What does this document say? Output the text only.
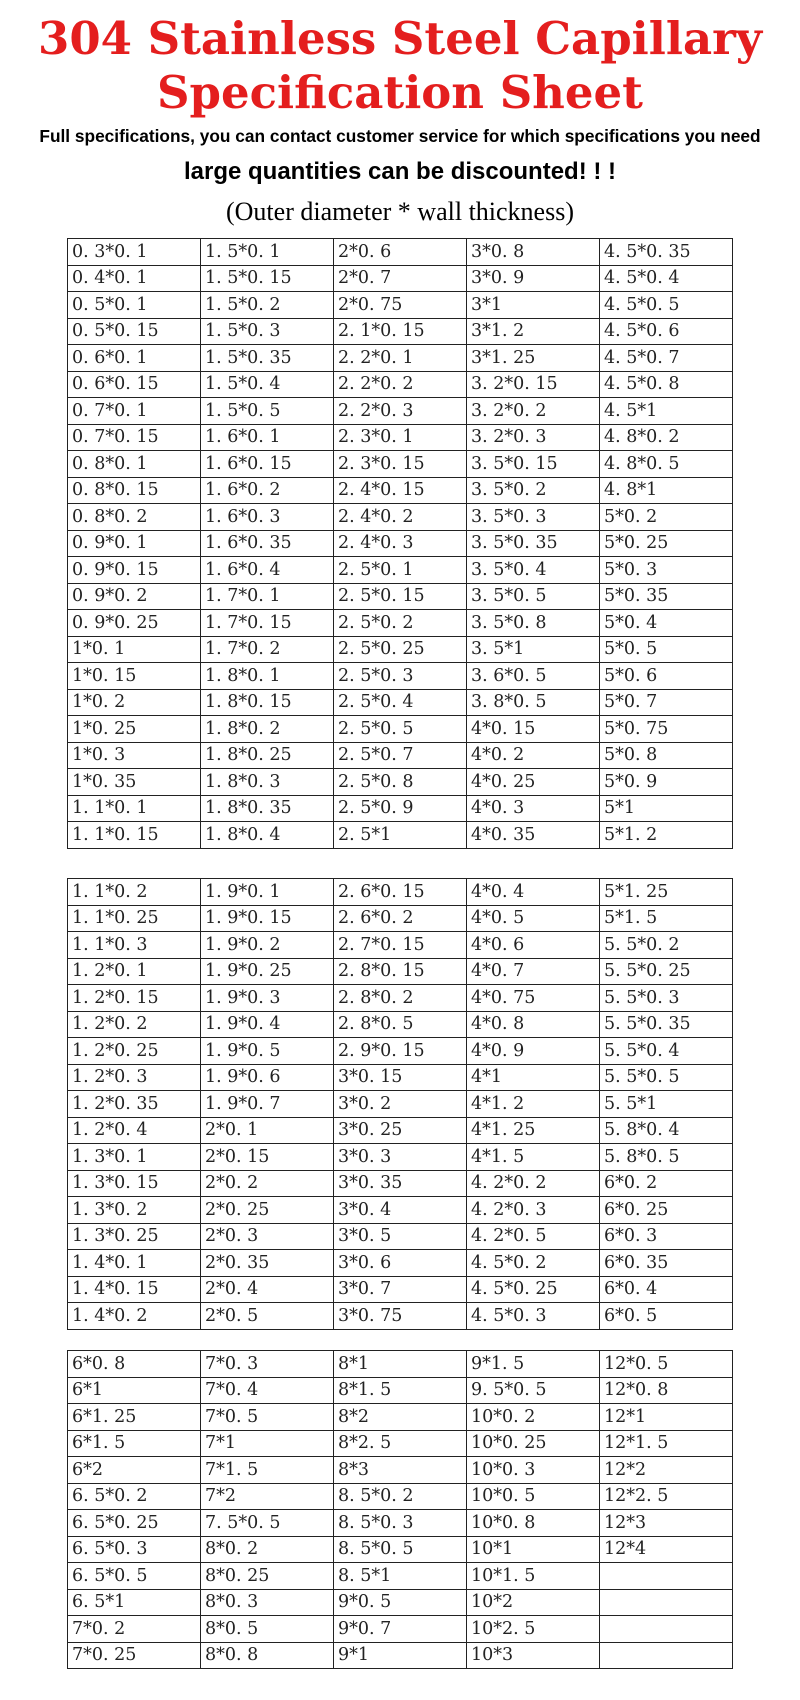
304 Stainless Steel Capillary
Specification Sheet

Full specifications, you can contact customer service for which specifications you need

large quantities can be discounted! ! !

(Outer diameter * wall thickness)

0. 3*0. 1	1. 5*0. 1	2*0. 6	3*0. 8	4. 5*0. 35
0. 4*0. 1	1. 5*0. 15	2*0. 7	3*0. 9	4. 5*0. 4
0. 5*0. 1	1. 5*0. 2	2*0. 75	3*1	4. 5*0. 5
0. 5*0. 15	1. 5*0. 3	2. 1*0. 15	3*1. 2	4. 5*0. 6
0. 6*0. 1	1. 5*0. 35	2. 2*0. 1	3*1. 25	4. 5*0. 7
0. 6*0. 15	1. 5*0. 4	2. 2*0. 2	3. 2*0. 15	4. 5*0. 8
0. 7*0. 1	1. 5*0. 5	2. 2*0. 3	3. 2*0. 2	4. 5*1
0. 7*0. 15	1. 6*0. 1	2. 3*0. 1	3. 2*0. 3	4. 8*0. 2
0. 8*0. 1	1. 6*0. 15	2. 3*0. 15	3. 5*0. 15	4. 8*0. 5
0. 8*0. 15	1. 6*0. 2	2. 4*0. 15	3. 5*0. 2	4. 8*1
0. 8*0. 2	1. 6*0. 3	2. 4*0. 2	3. 5*0. 3	5*0. 2
0. 9*0. 1	1. 6*0. 35	2. 4*0. 3	3. 5*0. 35	5*0. 25
0. 9*0. 15	1. 6*0. 4	2. 5*0. 1	3. 5*0. 4	5*0. 3
0. 9*0. 2	1. 7*0. 1	2. 5*0. 15	3. 5*0. 5	5*0. 35
0. 9*0. 25	1. 7*0. 15	2. 5*0. 2	3. 5*0. 8	5*0. 4
1*0. 1	1. 7*0. 2	2. 5*0. 25	3. 5*1	5*0. 5
1*0. 15	1. 8*0. 1	2. 5*0. 3	3. 6*0. 5	5*0. 6
1*0. 2	1. 8*0. 15	2. 5*0. 4	3. 8*0. 5	5*0. 7
1*0. 25	1. 8*0. 2	2. 5*0. 5	4*0. 15	5*0. 75
1*0. 3	1. 8*0. 25	2. 5*0. 7	4*0. 2	5*0. 8
1*0. 35	1. 8*0. 3	2. 5*0. 8	4*0. 25	5*0. 9
1. 1*0. 1	1. 8*0. 35	2. 5*0. 9	4*0. 3	5*1
1. 1*0. 15	1. 8*0. 4	2. 5*1	4*0. 35	5*1. 2
1. 1*0. 2	1. 9*0. 1	2. 6*0. 15	4*0. 4	5*1. 25
1. 1*0. 25	1. 9*0. 15	2. 6*0. 2	4*0. 5	5*1. 5
1. 1*0. 3	1. 9*0. 2	2. 7*0. 15	4*0. 6	5. 5*0. 2
1. 2*0. 1	1. 9*0. 25	2. 8*0. 15	4*0. 7	5. 5*0. 25
1. 2*0. 15	1. 9*0. 3	2. 8*0. 2	4*0. 75	5. 5*0. 3
1. 2*0. 2	1. 9*0. 4	2. 8*0. 5	4*0. 8	5. 5*0. 35
1. 2*0. 25	1. 9*0. 5	2. 9*0. 15	4*0. 9	5. 5*0. 4
1. 2*0. 3	1. 9*0. 6	3*0. 15	4*1	5. 5*0. 5
1. 2*0. 35	1. 9*0. 7	3*0. 2	4*1. 2	5. 5*1
1. 2*0. 4	2*0. 1	3*0. 25	4*1. 25	5. 8*0. 4
1. 3*0. 1	2*0. 15	3*0. 3	4*1. 5	5. 8*0. 5
1. 3*0. 15	2*0. 2	3*0. 35	4. 2*0. 2	6*0. 2
1. 3*0. 2	2*0. 25	3*0. 4	4. 2*0. 3	6*0. 25
1. 3*0. 25	2*0. 3	3*0. 5	4. 2*0. 5	6*0. 3
1. 4*0. 1	2*0. 35	3*0. 6	4. 5*0. 2	6*0. 35
1. 4*0. 15	2*0. 4	3*0. 7	4. 5*0. 25	6*0. 4
1. 4*0. 2	2*0. 5	3*0. 75	4. 5*0. 3	6*0. 5
6*0. 8	7*0. 3	8*1	9*1. 5	12*0. 5
6*1	7*0. 4	8*1. 5	9. 5*0. 5	12*0. 8
6*1. 25	7*0. 5	8*2	10*0. 2	12*1
6*1. 5	7*1	8*2. 5	10*0. 25	12*1. 5
6*2	7*1. 5	8*3	10*0. 3	12*2
6. 5*0. 2	7*2	8. 5*0. 2	10*0. 5	12*2. 5
6. 5*0. 25	7. 5*0. 5	8. 5*0. 3	10*0. 8	12*3
6. 5*0. 3	8*0. 2	8. 5*0. 5	10*1	12*4
6. 5*0. 5	8*0. 25	8. 5*1	10*1. 5	
6. 5*1	8*0. 3	9*0. 5	10*2	
7*0. 2	8*0. 5	9*0. 7	10*2. 5	
7*0. 25	8*0. 8	9*1	10*3	
